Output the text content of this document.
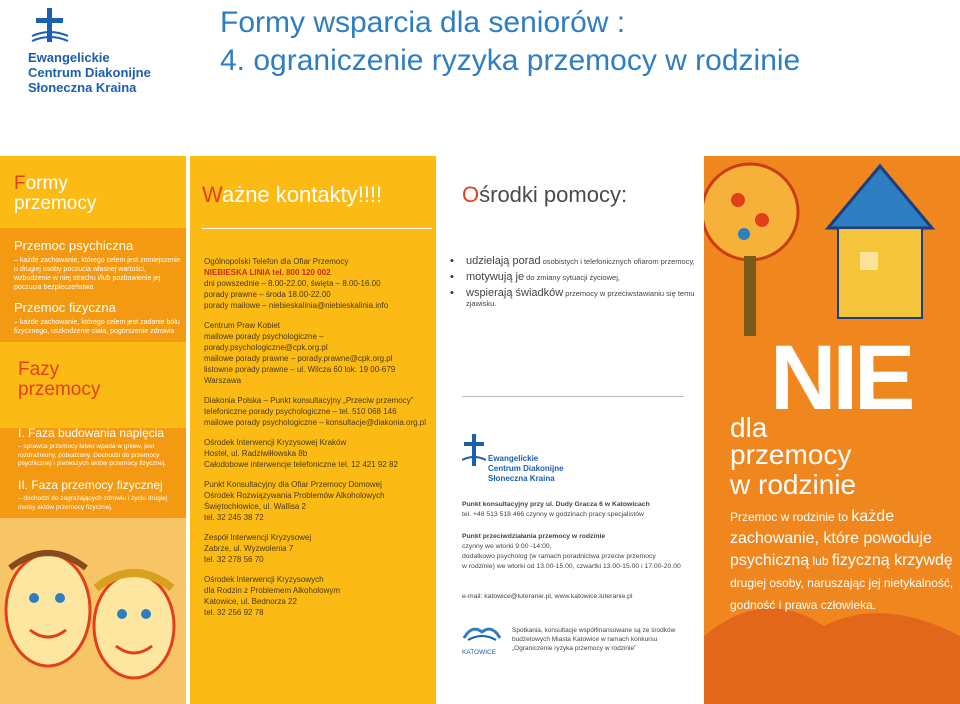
Ewangelickie
Centrum Diakonijne
Słoneczna Kraina
Formy wsparcia dla seniorów :
4. ograniczenie ryzyka przemocy w rodzinie
Formy
przemocy
Przemoc psychiczna
– każde zachowanie, którego celem jest zmniejszenie u drugiej osoby poczucia własnej wartości, wzbudzenie w niej strachu i/lub pozbawienie jej poczucia bezpieczeństwa
Przemoc fizyczna
– każde zachowanie, którego celem jest zadanie bólu fizycznego, uszkodzenie ciała, pogorszenie zdrowia
Fazy
przemocy
I. Faza budowania napięcia
– sprawca przemocy łatwo wpada w gniew, jest rozdrażniony, pobudzony. Dochodzi do przemocy psychicznej i pierwszych aktów przemocy fizycznej.
II. Faza przemocy fizycznej
– dochodzi do zagrażających zdrowiu i życiu drugiej osoby aktów przemocy fizycznej.
Ważne kontakty!!!!
Ogólnopolski Telefon dla Ofiar Przemocy
NIEBIESKA LINIA tel. 800 120 002
dni powszednie – 8.00-22.00, święta – 8.00-16.00
porady prawne – środa 18.00-22.00
porady mailowe – niebieskalinia@niebieskalinia.info
Centrum Praw Kobiet
mailowe porady psychologiczne – porady.psychologiczne@cpk.org.pl
mailowe porady prawne – porady.prawne@cpk.org.pl
listowne porady prawne – ul. Wilcza 60 lok. 19 00-679 Warszawa
Diakonia Polska – Punkt konsultacyjny „Przeciw przemocy”
telefoniczne porady psychologiczne – tel. 510 068 146
mailowe porady psychologiczne – konsultacje@diakonia.org.pl
Ośrodek Interwencji Kryzysowej Kraków
Hostel, ul. Radziwiłłowska 8b
Całodobowe interwencje telefoniczne tel. 12 421 92 82
Punkt Konsultacyjny dla Ofiar Przemocy Domowej
Ośrodek Rozwiązywania Problemów Alkoholowych
Świętochłowice, ul. Wallisa 2
tel. 32 245 38 72
Zespół Interwencji Kryzysowej
Zabrze, ul. Wyzwolenia 7
tel. 32 278 56 70
Ośrodek Interwencji Kryzysowych
dla Rodzin z Problemem Alkoholowym
Katowice, ul. Bednorza 22
tel. 32 256 92 78
Ośrodki pomocy:
• udzielają porad osobistych i telefonicznych ofiarom przemocy,
• motywują je do zmiany sytuacji życiowej,
• wspierają świadków przemocy w przeciwstawianiu się temu zjawisku.
Ewangelickie
Centrum Diakonijne
Słoneczna Kraina
Punkt konsultacyjny przy ul. Dudy Gracza 6 w Katowicach
tel. +48 513 518 466 czynny w godzinach pracy specjalistów
Punkt przeciwdziałania przemocy w rodzinie
czynny we wtorki 9:00 -14:00,
dodatkowo psycholog (w ramach poradnictwa przeciw przemocy
w rodzinie) we wtorki od 13.00-15.00, czwartki 13.00-15.00 i 17.00-20.00
e-mail: katowice@luteranie.pl, www.katowice.luteranie.pl
KATOWICE
Spotkania, konsultacje współfinansowane są ze środków budżetowych Miasta Katowice w ramach konkursu „Ograniczenie ryzyka przemocy w rodzinie”
NIE
dla
przemocy
w rodzinie
Przemoc w rodzinie to każde zachowanie, które powoduje psychiczną lub fizyczną krzywdę drugiej osoby, naruszając jej nietykalność, godność i prawa człowieka.
